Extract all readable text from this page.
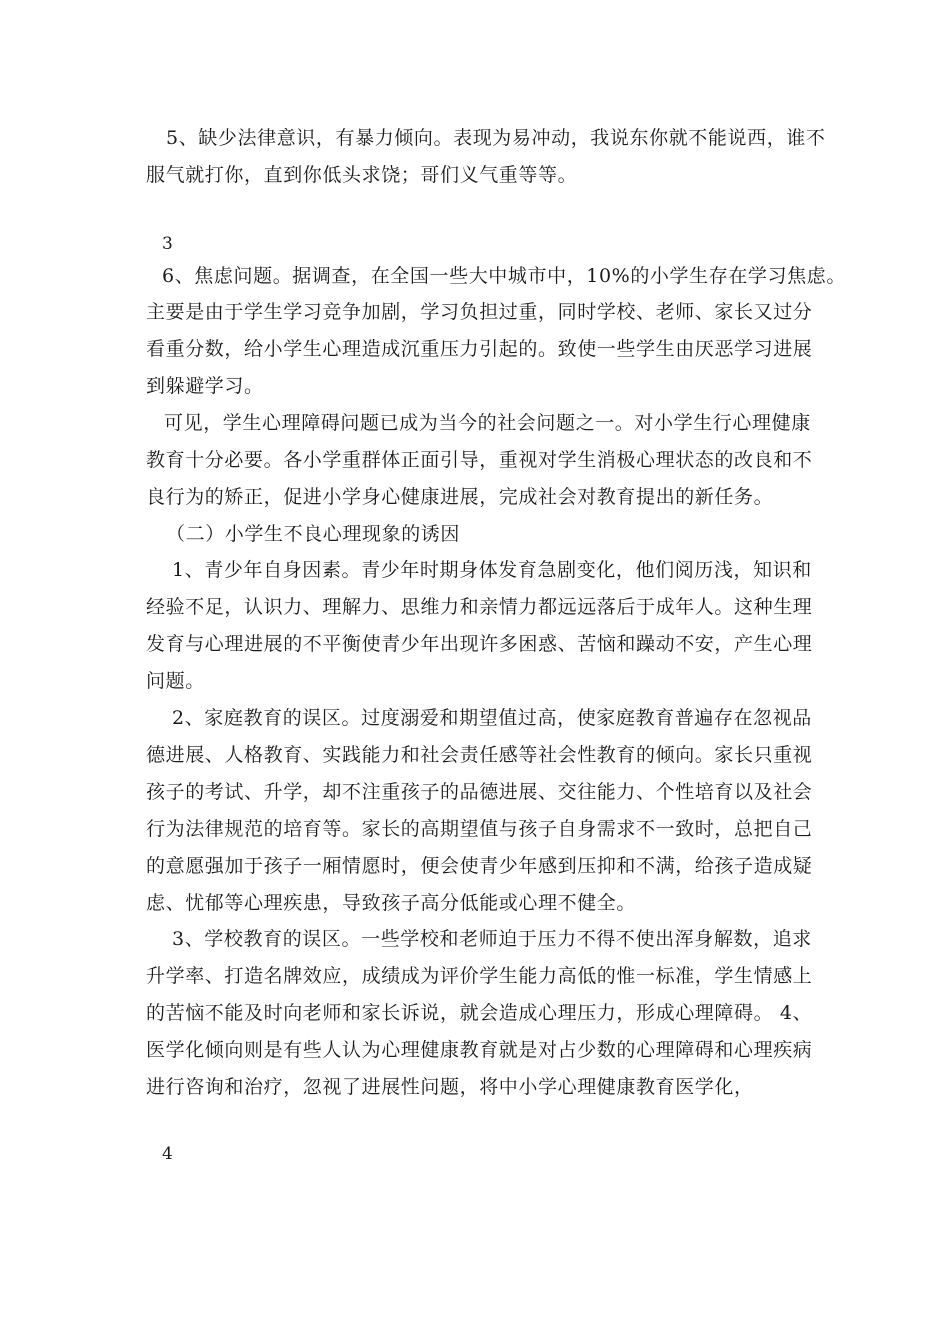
5、缺少法律意识，有暴力倾向。表现为易冲动，我说东你就不能说西，谁不
服气就打你，直到你低头求饶；哥们义气重等等。
3
6、焦虑问题。据调查，在全国一些大中城市中，10%的小学生存在学习焦虑。
主要是由于学生学习竞争加剧，学习负担过重，同时学校、老师、家长又过分
看重分数，给小学生心理造成沉重压力引起的。致使一些学生由厌恶学习进展
到躲避学习。
可见，学生心理障碍问题已成为当今的社会问题之一。对小学生行心理健康
教育十分必要。各小学重群体正面引导，重视对学生消极心理状态的改良和不
良行为的矫正，促进小学身心健康进展，完成社会对教育提出的新任务。
（二）小学生不良心理现象的诱因
1、青少年自身因素。青少年时期身体发育急剧变化，他们阅历浅，知识和
经验不足，认识力、理解力、思维力和亲情力都远远落后于成年人。这种生理
发育与心理进展的不平衡使青少年出现许多困惑、苦恼和躁动不安，产生心理
问题。
2、家庭教育的误区。过度溺爱和期望值过高，使家庭教育普遍存在忽视品
德进展、人格教育、实践能力和社会责任感等社会性教育的倾向。家长只重视
孩子的考试、升学，却不注重孩子的品德进展、交往能力、个性培育以及社会
行为法律规范的培育等。家长的高期望值与孩子自身需求不一致时，总把自己
的意愿强加于孩子一厢情愿时，便会使青少年感到压抑和不满，给孩子造成疑
虑、忧郁等心理疾患，导致孩子高分低能或心理不健全。
3、学校教育的误区。一些学校和老师迫于压力不得不使出浑身解数，追求
升学率、打造名牌效应，成绩成为评价学生能力高低的惟一标准，学生情感上
的苦恼不能及时向老师和家长诉说，就会造成心理压力，形成心理障碍。 4、
医学化倾向则是有些人认为心理健康教育就是对占少数的心理障碍和心理疾病
进行咨询和治疗，忽视了进展性问题，将中小学心理健康教育医学化，
4
